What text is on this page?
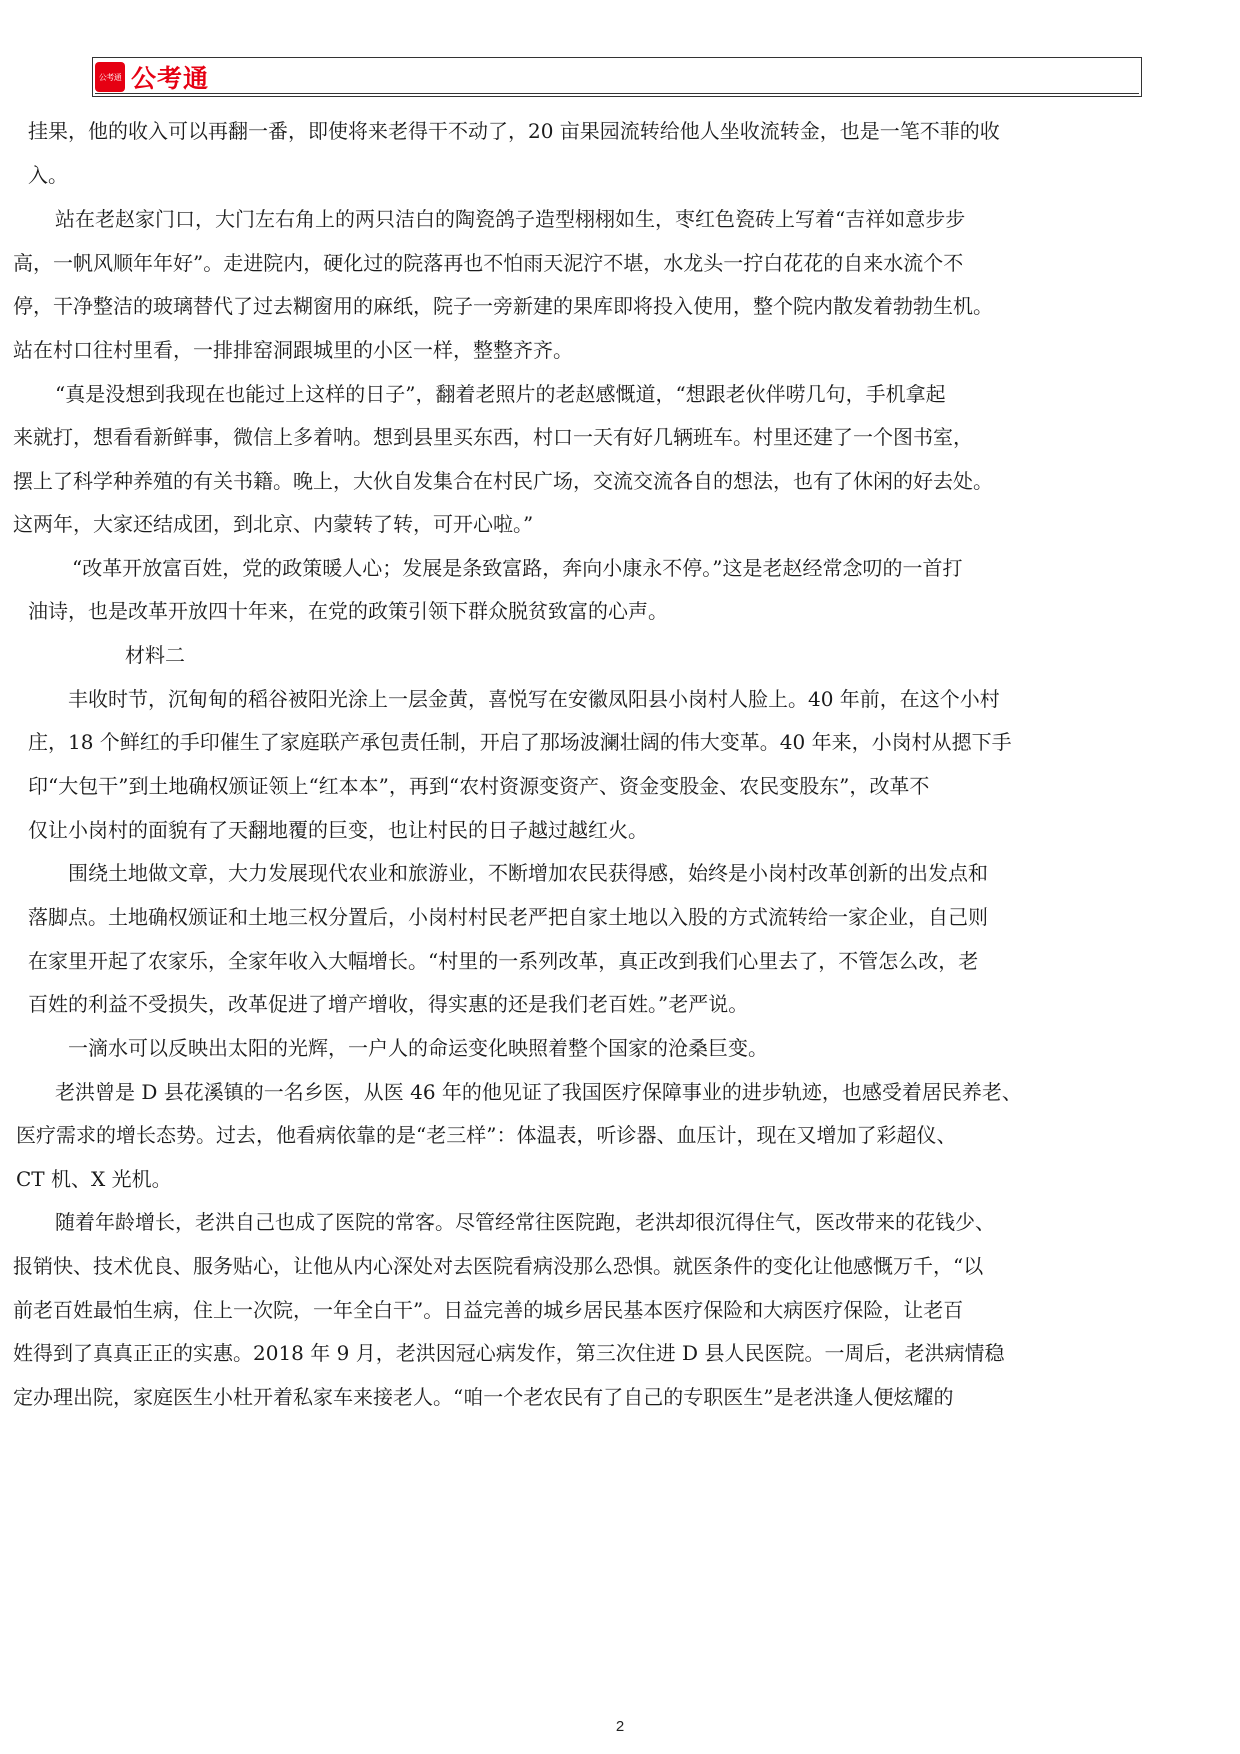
公考通 公考通
挂果，他的收入可以再翻一番，即使将来老得干不动了，20 亩果园流转给他人坐收流转金，也是一笔不菲的收
入。
站在老赵家门口，大门左右角上的两只洁白的陶瓷鸽子造型栩栩如生，枣红色瓷砖上写着“吉祥如意步步
高，一帆风顺年年好”。走进院内，硬化过的院落再也不怕雨天泥泞不堪，水龙头一拧白花花的自来水流个不
停，干净整洁的玻璃替代了过去糊窗用的麻纸，院子一旁新建的果库即将投入使用，整个院内散发着勃勃生机。
站在村口往村里看，一排排窑洞跟城里的小区一样，整整齐齐。
“真是没想到我现在也能过上这样的日子”，翻着老照片的老赵感慨道，“想跟老伙伴唠几句，手机拿起
来就打，想看看新鲜事，微信上多着呐。想到县里买东西，村口一天有好几辆班车。村里还建了一个图书室，
摆上了科学种养殖的有关书籍。晚上，大伙自发集合在村民广场，交流交流各自的想法，也有了休闲的好去处。
这两年，大家还结成团，到北京、内蒙转了转，可开心啦。”
“改革开放富百姓，党的政策暖人心；发展是条致富路，奔向小康永不停。”这是老赵经常念叨的一首打
油诗，也是改革开放四十年来，在党的政策引领下群众脱贫致富的心声。
材料二
丰收时节，沉甸甸的稻谷被阳光涂上一层金黄，喜悦写在安徽凤阳县小岗村人脸上。40 年前，在这个小村
庄，18 个鲜红的手印催生了家庭联产承包责任制，开启了那场波澜壮阔的伟大变革。40 年来，小岗村从摁下手
印“大包干”到土地确权颁证领上“红本本”，再到“农村资源变资产、资金变股金、农民变股东”，改革不
仅让小岗村的面貌有了天翻地覆的巨变，也让村民的日子越过越红火。
围绕土地做文章，大力发展现代农业和旅游业，不断增加农民获得感，始终是小岗村改革创新的出发点和
落脚点。土地确权颁证和土地三权分置后，小岗村村民老严把自家土地以入股的方式流转给一家企业，自己则
在家里开起了农家乐，全家年收入大幅增长。“村里的一系列改革，真正改到我们心里去了，不管怎么改，老
百姓的利益不受损失，改革促进了增产增收，得实惠的还是我们老百姓。”老严说。
一滴水可以反映出太阳的光辉，一户人的命运变化映照着整个国家的沧桑巨变。
老洪曾是 D 县花溪镇的一名乡医，从医 46 年的他见证了我国医疗保障事业的进步轨迹，也感受着居民养老、
医疗需求的增长态势。过去，他看病依靠的是“老三样”：体温表，听诊器、血压计，现在又增加了彩超仪、
CT 机、X 光机。
随着年龄增长，老洪自己也成了医院的常客。尽管经常往医院跑，老洪却很沉得住气，医改带来的花钱少、
报销快、技术优良、服务贴心，让他从内心深处对去医院看病没那么恐惧。就医条件的变化让他感慨万千，“以
前老百姓最怕生病，住上一次院，一年全白干”。日益完善的城乡居民基本医疗保险和大病医疗保险，让老百
姓得到了真真正正的实惠。2018 年 9 月，老洪因冠心病发作，第三次住进 D 县人民医院。一周后，老洪病情稳
定办理出院，家庭医生小杜开着私家车来接老人。“咱一个老农民有了自己的专职医生”是老洪逢人便炫耀的
2
